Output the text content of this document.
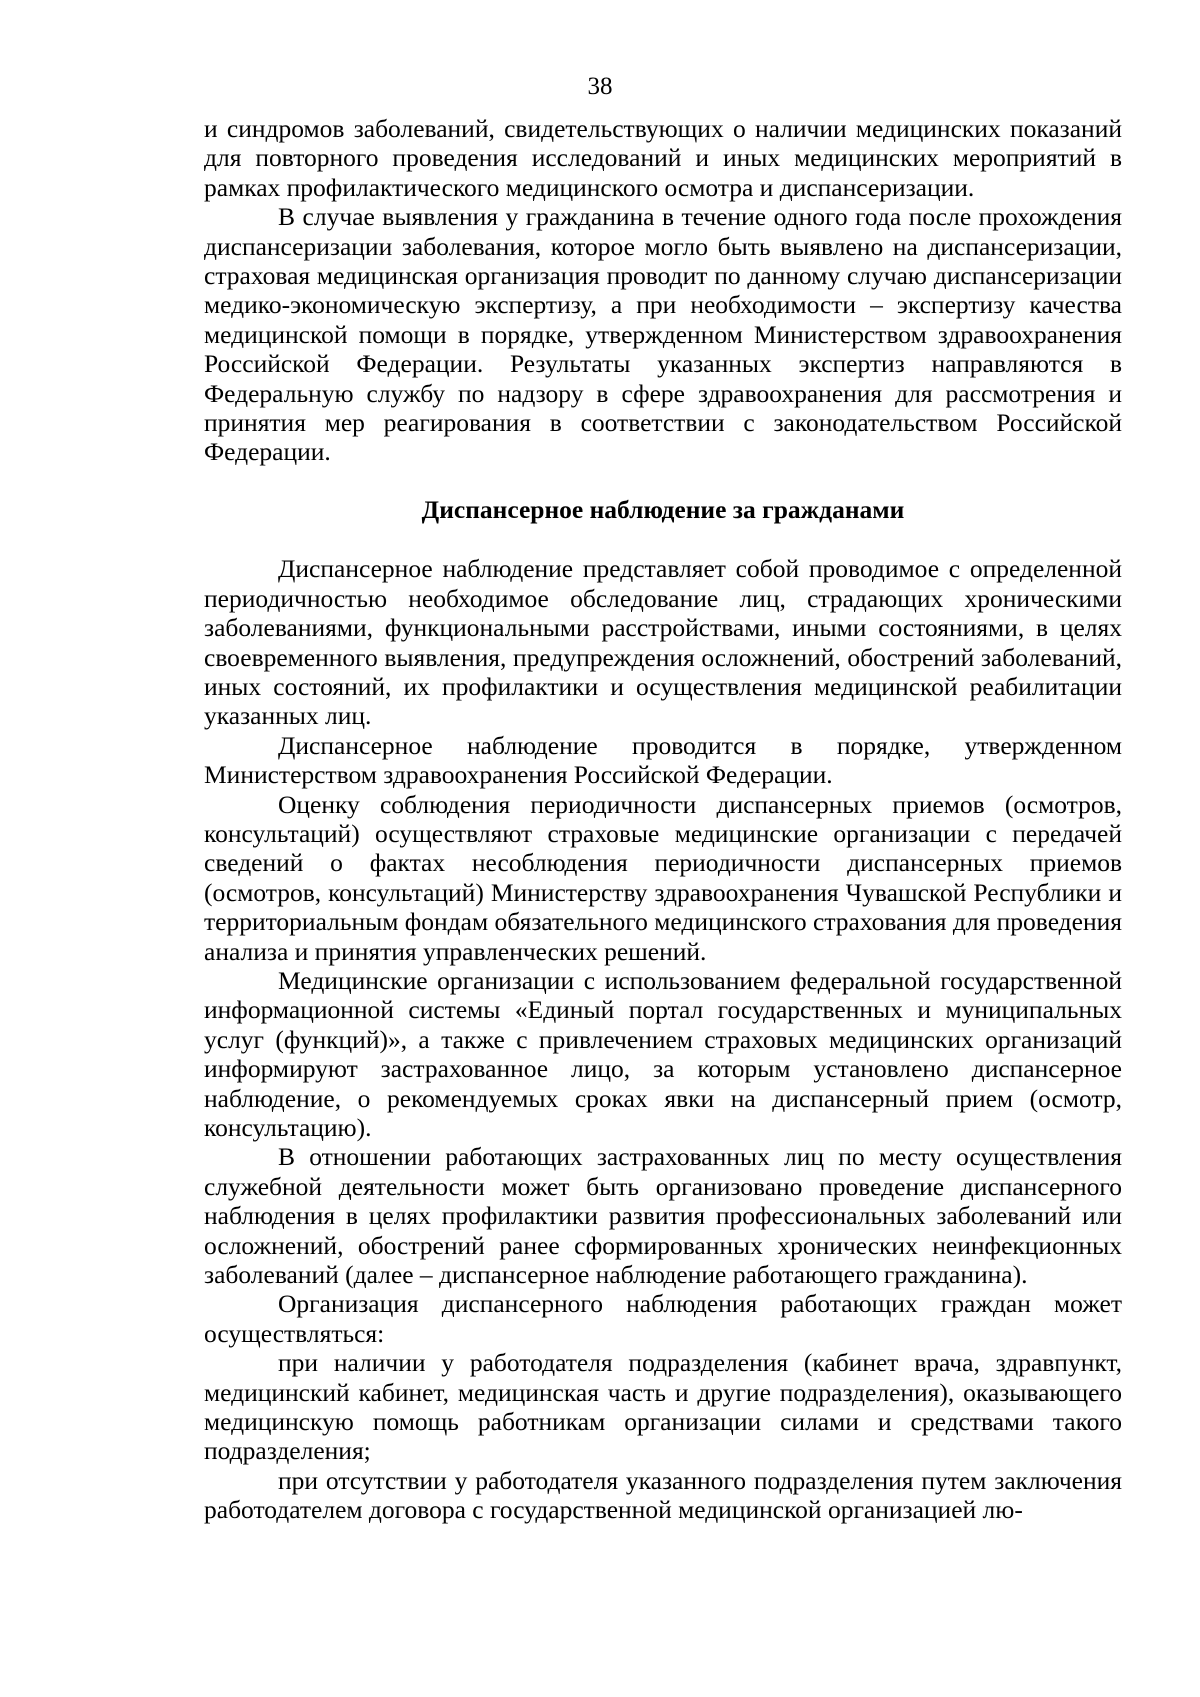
38

и синдромов заболеваний, свидетельствующих о наличии медицинских показаний для повторного проведения исследований и иных медицинских мероприятий в рамках профилактического медицинского осмотра и диспансеризации.

В случае выявления у гражданина в течение одного года после прохождения диспансеризации заболевания, которое могло быть выявлено на диспансеризации, страховая медицинская организация проводит по данному случаю диспансеризации медико-экономическую экспертизу, а при необходимости – экспертизу качества медицинской помощи в порядке, утвержденном Министерством здравоохранения Российской Федерации. Результаты указанных экспертиз направляются в Федеральную службу по надзору в сфере здравоохранения для рассмотрения и принятия мер реагирования в соответствии с законодательством Российской Федерации.

Диспансерное наблюдение за гражданами

Диспансерное наблюдение представляет собой проводимое с определенной периодичностью необходимое обследование лиц, страдающих хроническими заболеваниями, функциональными расстройствами, иными состояниями, в целях своевременного выявления, предупреждения осложнений, обострений заболеваний, иных состояний, их профилактики и осуществления медицинской реабилитации указанных лиц.

Диспансерное наблюдение проводится в порядке, утвержденном Министерством здравоохранения Российской Федерации.

Оценку соблюдения периодичности диспансерных приемов (осмотров, консультаций) осуществляют страховые медицинские организации с передачей сведений о фактах несоблюдения периодичности диспансерных приемов (осмотров, консультаций) Министерству здравоохранения Чувашской Республики и территориальным фондам обязательного медицинского страхования для проведения анализа и принятия управленческих решений.

Медицинские организации с использованием федеральной государственной информационной системы «Единый портал государственных и муниципальных услуг (функций)», а также с привлечением страховых медицинских организаций информируют застрахованное лицо, за которым установлено диспансерное наблюдение, о рекомендуемых сроках явки на диспансерный прием (осмотр, консультацию).

В отношении работающих застрахованных лиц по месту осуществления служебной деятельности может быть организовано проведение диспансерного наблюдения в целях профилактики развития профессиональных заболеваний или осложнений, обострений ранее сформированных хронических неинфекционных заболеваний (далее – диспансерное наблюдение работающего гражданина).

Организация диспансерного наблюдения работающих граждан может осуществляться:

при наличии у работодателя подразделения (кабинет врача, здравпункт, медицинский кабинет, медицинская часть и другие подразделения), оказывающего медицинскую помощь работникам организации силами и средствами такого подразделения;

при отсутствии у работодателя указанного подразделения путем заключения работодателем договора с государственной медицинской организацией лю-
